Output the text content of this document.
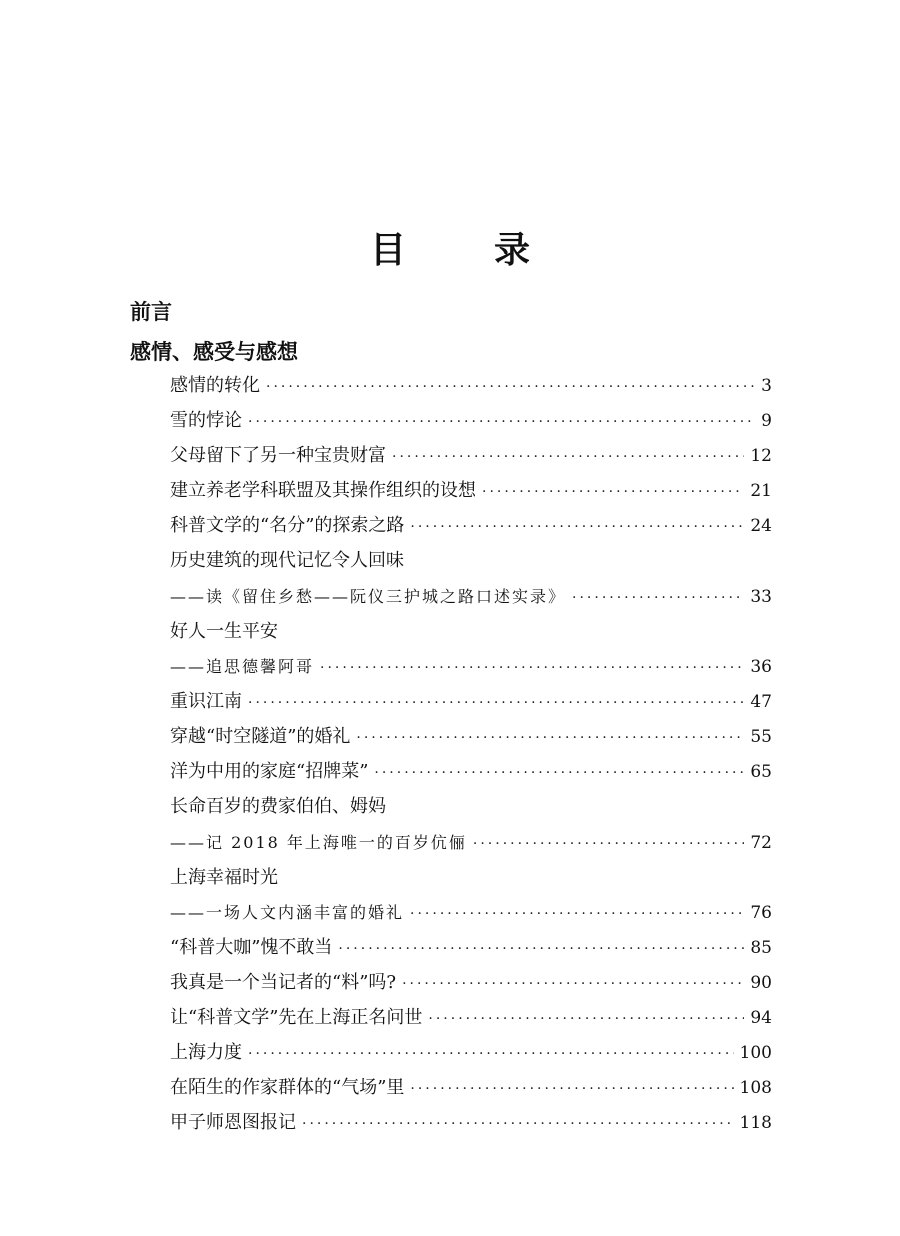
目 录
前言
感情、感受与感想
感情的转化 ·····	3
雪的悖论 ·····	9
父母留下了另一种宝贵财富 ·····	12
建立养老学科联盟及其操作组织的设想 ·····	21
科普文学的“名分”的探索之路 ·····	24
历史建筑的现代记忆令人回味
——读《留住乡愁——阮仪三护城之路口述实录》 ·····	33
好人一生平安
——追思德馨阿哥 ·····	36
重识江南 ·····	47
穿越“时空隧道”的婚礼 ·····	55
洋为中用的家庭“招牌菜” ·····	65
长命百岁的费家伯伯、姆妈
——记 2018 年上海唯一的百岁伉俪 ·····	72
上海幸福时光
——一场人文内涵丰富的婚礼 ·····	76
“科普大咖”愧不敢当 ·····	85
我真是一个当记者的“料”吗? ·····	90
让“科普文学”先在上海正名问世 ·····	94
上海力度 ·····	100
在陌生的作家群体的“气场”里 ·····	108
甲子师恩图报记 ·····	118
